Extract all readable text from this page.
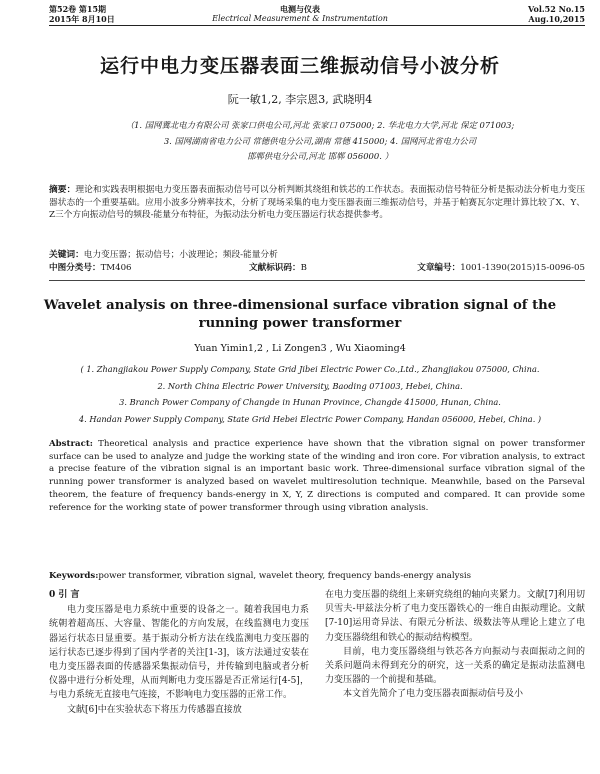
第52卷 第15期
2015年 8月10日
电测与仪表
Electrical Measurement & Instrumentation
Vol.52 No.15
Aug.10,2015
运行中电力变压器表面三维振动信号小波分析
阮一敏1,2, 李宗恩3, 武晓明4
（1. 国网冀北电力有限公司 张家口供电公司,河北 张家口 075000; 2. 华北电力大学,河北 保定 071003;
3. 国网湖南省电力公司 常德供电分公司,湖南 常德 415000; 4. 国网河北省电力公司
邯郸供电分公司,河北 邯郸 056000. ）
摘要：理论和实践表明根据电力变压器表面振动信号可以分析判断其绕组和铁芯的工作状态。表面振动信号特征分析是振动法分析电力变压器状态的一个重要基础。应用小波多分辨率技术，分析了现场采集的电力变压器表面三维振动信号，并基于帕赛瓦尔定理计算比较了X、Y、Z三个方向振动信号的频段-能量分布特征，为振动法分析电力变压器运行状态提供参考。
关键词：电力变压器；振动信号；小波理论；频段-能量分析
中图分类号：TM406	文献标识码：B	文章编号：1001-1390(2015)15-0096-05
Wavelet analysis on three-dimensional surface vibration signal of the
running power transformer
Yuan Yimin1,2 , Li Zongen3 , Wu Xiaoming4
( 1. Zhangjiakou Power Supply Company, State Grid Jibei Electric Power Co.,Ltd., Zhangjiakou 075000, China.
2. North China Electric Power University, Baoding 071003, Hebei, China.
3. Branch Power Company of Changde in Hunan Province, Changde 415000, Hunan, China.
4. Handan Power Supply Company, State Grid Hebei Electric Power Company, Handan 056000, Hebei, China. )
Abstract: Theoretical analysis and practice experience have shown that the vibration signal on power transformer surface can be used to analyze and judge the working state of the winding and iron core. For vibration analysis, to extract a precise feature of the vibration signal is an important basic work. Three-dimensional surface vibration signal of the running power transformer is analyzed based on wavelet multiresolution technique. Meanwhile, based on the Parseval theorem, the feature of frequency bands-energy in X, Y, Z directions is computed and compared. It can provide some reference for the working state of power transformer through using vibration analysis.
Keywords:power transformer, vibration signal, wavelet theory, frequency bands-energy analysis
0 引 言

电力变压器是电力系统中重要的设备之一。随着我国电力系统朝着超高压、大容量、智能化的方向发展，在线监测电力变压器运行状态日显重要。基于振动分析方法在线监测电力变压器的运行状态已逐步得到了国内学者的关注[1-3]，该方法通过安装在电力变压器表面的传感器采集振动信号，并传输到电脑或者分析仪器中进行分析处理，从而判断电力变压器是否正常运行[4-5]，与电力系统无直接电气连接，不影响电力变压器的正常工作。

文献[6]中在实验状态下将压力传感器直接放

在电力变压器的绕组上来研究绕组的轴向夹紧力。文献[7]利用切贝雪夫-甲兹法分析了电力变压器铁心的一维自由振动理论。文献[7-10]运用奇异法、有限元分析法、级数法等从理论上建立了电力变压器绕组和铁心的振动结构模型。

目前，电力变压器绕组与铁芯各方向振动与表面振动之间的关系问题尚未得到充分的研究，这一关系的确定是振动法监测电力变压器的一个前提和基础。

本文首先简介了电力变压器表面振动信号及小
